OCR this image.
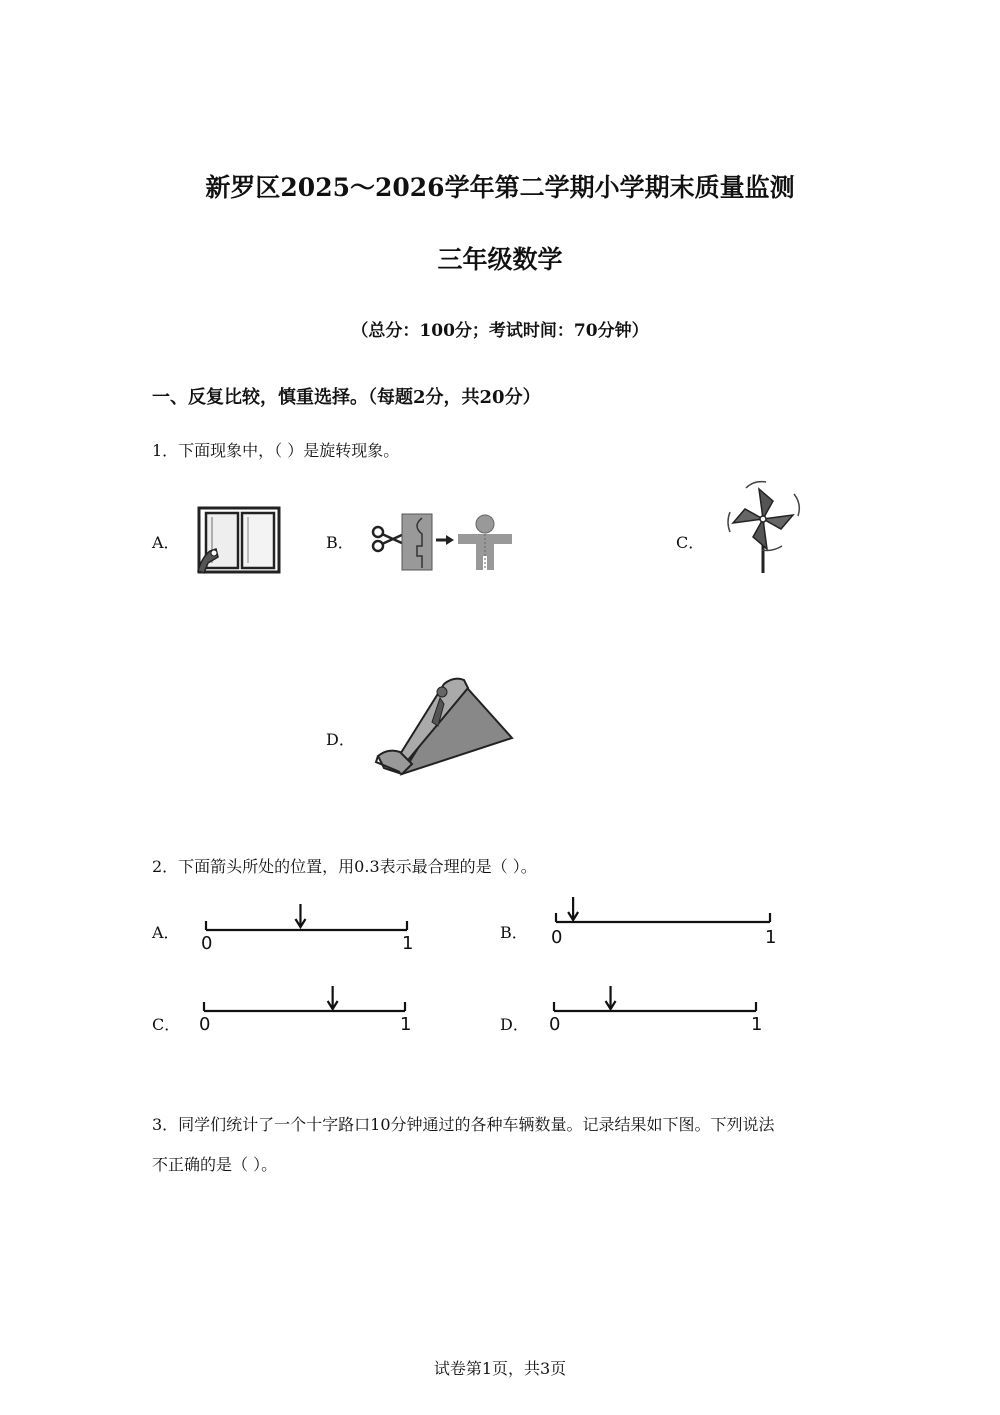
新罗区2025～2026学年第二学期小学期末质量监测
三年级数学
（总分：100分；考试时间：70分钟）
一、反复比较，慎重选择。（每题2分，共20分）
1．下面现象中，（ ）是旋转现象。
A．	B．	C．
D．
2．下面箭头所处的位置，用0.3表示最合理的是（ ）。
A．
0	1
B． 0	1
C． 0	1	D． 0	1
3．同学们统计了一个十字路口10分钟通过的各种车辆数量。记录结果如下图。下列说法
不正确的是（ ）。
试卷第1页，共3页
